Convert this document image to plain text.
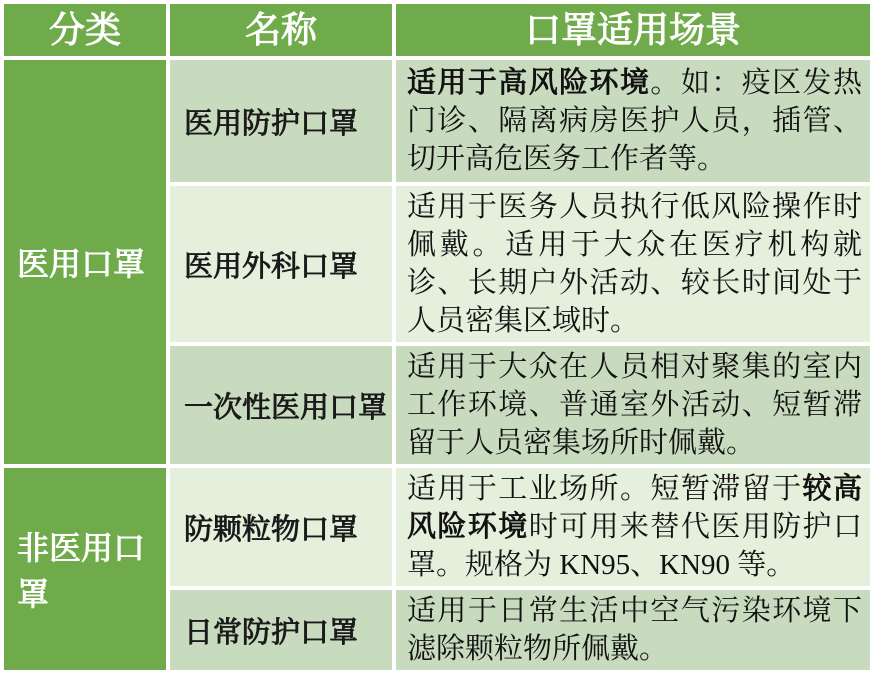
分类	名称	口罩适用场景
医用口罩	医用防护口罩	适用于高风险环境。如：疫区发热门诊、隔离病房医护人员，插管、切开高危医务工作者等。
	医用外科口罩	适用于医务人员执行低风险操作时佩戴。适用于大众在医疗机构就诊、长期户外活动、较长时间处于人员密集区域时。
	一次性医用口罩	适用于大众在人员相对聚集的室内工作环境、普通室外活动、短暂滞留于人员密集场所时佩戴。
非医用口罩	防颗粒物口罩	适用于工业场所。短暂滞留于较高风险环境时可用来替代医用防护口罩。规格为 KN95、KN90 等。
	日常防护口罩	适用于日常生活中空气污染环境下滤除颗粒物所佩戴。
